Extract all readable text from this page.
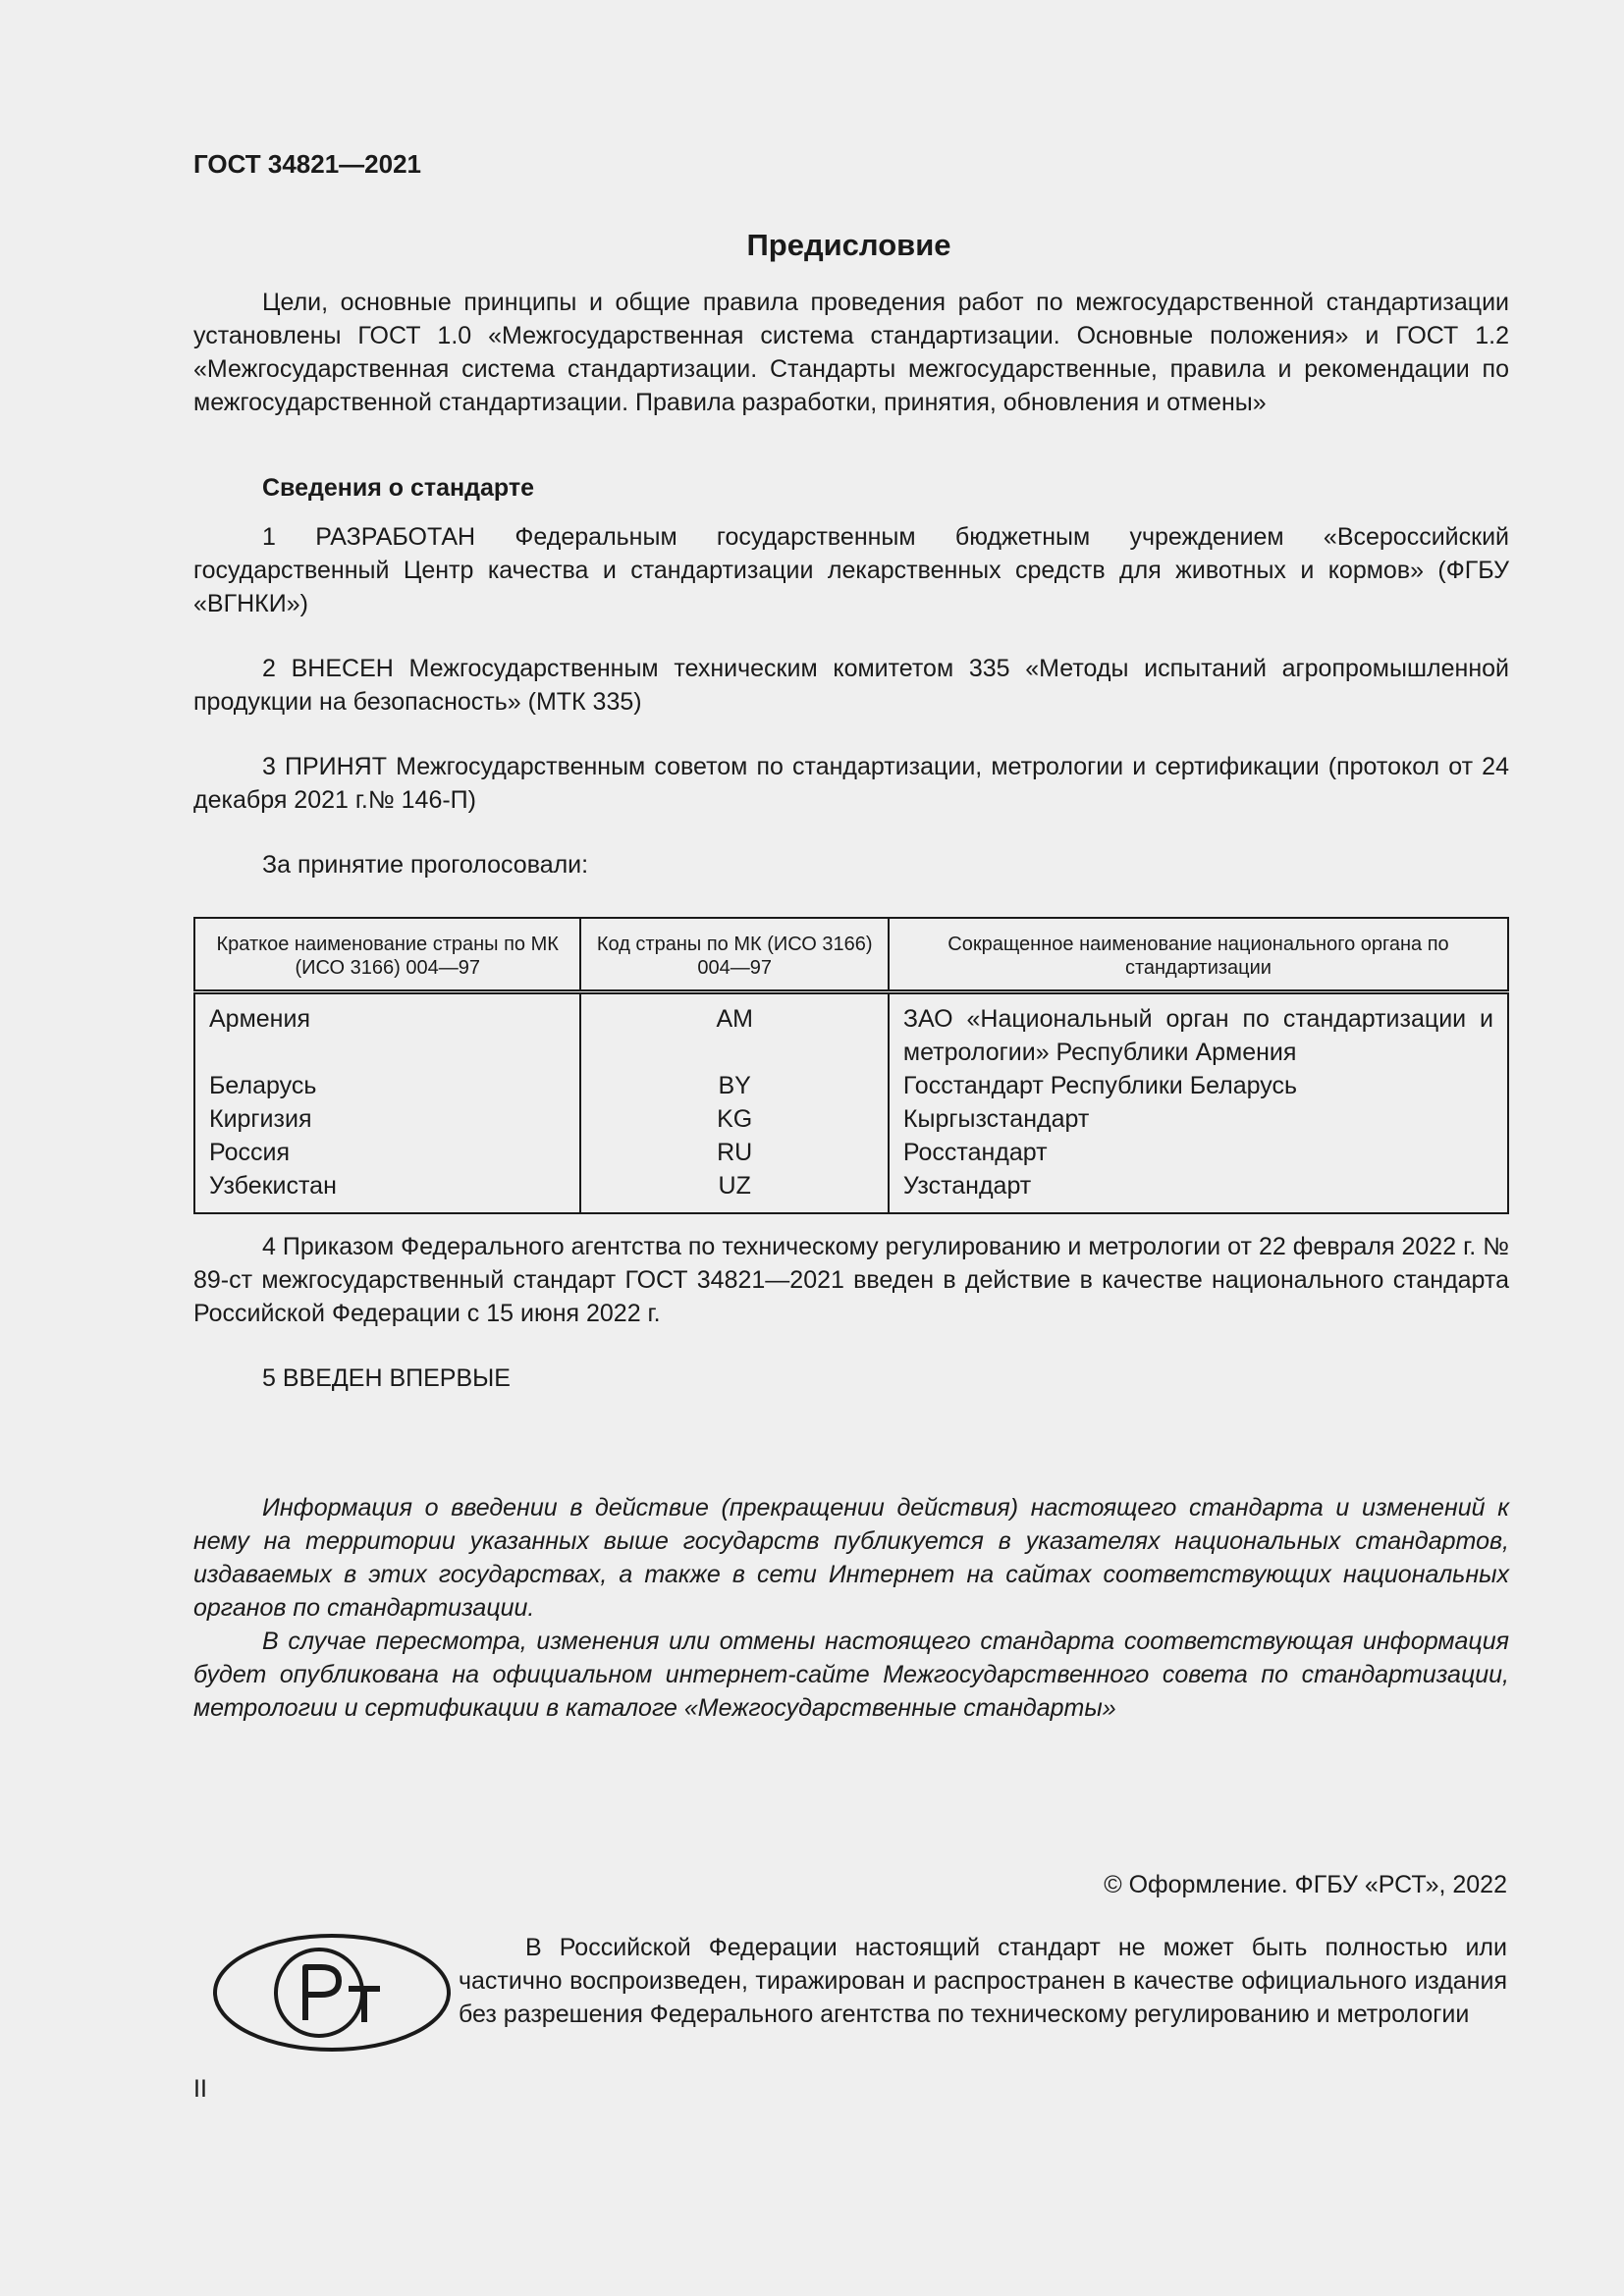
ГОСТ 34821—2021
Предисловие
Цели, основные принципы и общие правила проведения работ по межгосударственной стандартизации установлены ГОСТ 1.0 «Межгосударственная система стандартизации. Основные положения» и ГОСТ 1.2 «Межгосударственная система стандартизации. Стандарты межгосударственные, правила и рекомендации по межгосударственной стандартизации. Правила разработки, принятия, обновления и отмены»
Сведения о стандарте
1 РАЗРАБОТАН Федеральным государственным бюджетным учреждением «Всероссийский государственный Центр качества и стандартизации лекарственных средств для животных и кормов» (ФГБУ «ВГНКИ»)
2 ВНЕСЕН Межгосударственным техническим комитетом 335 «Методы испытаний агропромышленной продукции на безопасность» (МТК 335)
3 ПРИНЯТ Межгосударственным советом по стандартизации, метрологии и сертификации (протокол от 24 декабря 2021 г.№ 146-П)
За принятие проголосовали:
Краткое наименование страны по МК (ИСО 3166) 004—97	Код страны по МК (ИСО 3166) 004—97	Сокращенное наименование национального органа по стандартизации
Армения	AM	ЗАО «Национальный орган по стандартизации и метрологии» Республики Армения
Беларусь	BY	Госстандарт Республики Беларусь
Киргизия	KG	Кыргызстандарт
Россия	RU	Росстандарт
Узбекистан	UZ	Узстандарт
4 Приказом Федерального агентства по техническому регулированию и метрологии от 22 февраля 2022 г. № 89-ст межгосударственный стандарт ГОСТ 34821—2021 введен в действие в качестве национального стандарта Российской Федерации с 15 июня 2022 г.
5 ВВЕДЕН ВПЕРВЫЕ
Информация о введении в действие (прекращении действия) настоящего стандарта и изменений к нему на территории указанных выше государств публикуется в указателях национальных стандартов, издаваемых в этих государствах, а также в сети Интернет на сайтах соответствующих национальных органов по стандартизации.
В случае пересмотра, изменения или отмены настоящего стандарта соответствующая информация будет опубликована на официальном интернет-сайте Межгосударственного совета по стандартизации, метрологии и сертификации в каталоге «Межгосударственные стандарты»
© Оформление. ФГБУ «РСТ», 2022
В Российской Федерации настоящий стандарт не может быть полностью или частично воспроизведен, тиражирован и распространен в качестве официального издания без разрешения Федерального агентства по техническому регулированию и метрологии
II
